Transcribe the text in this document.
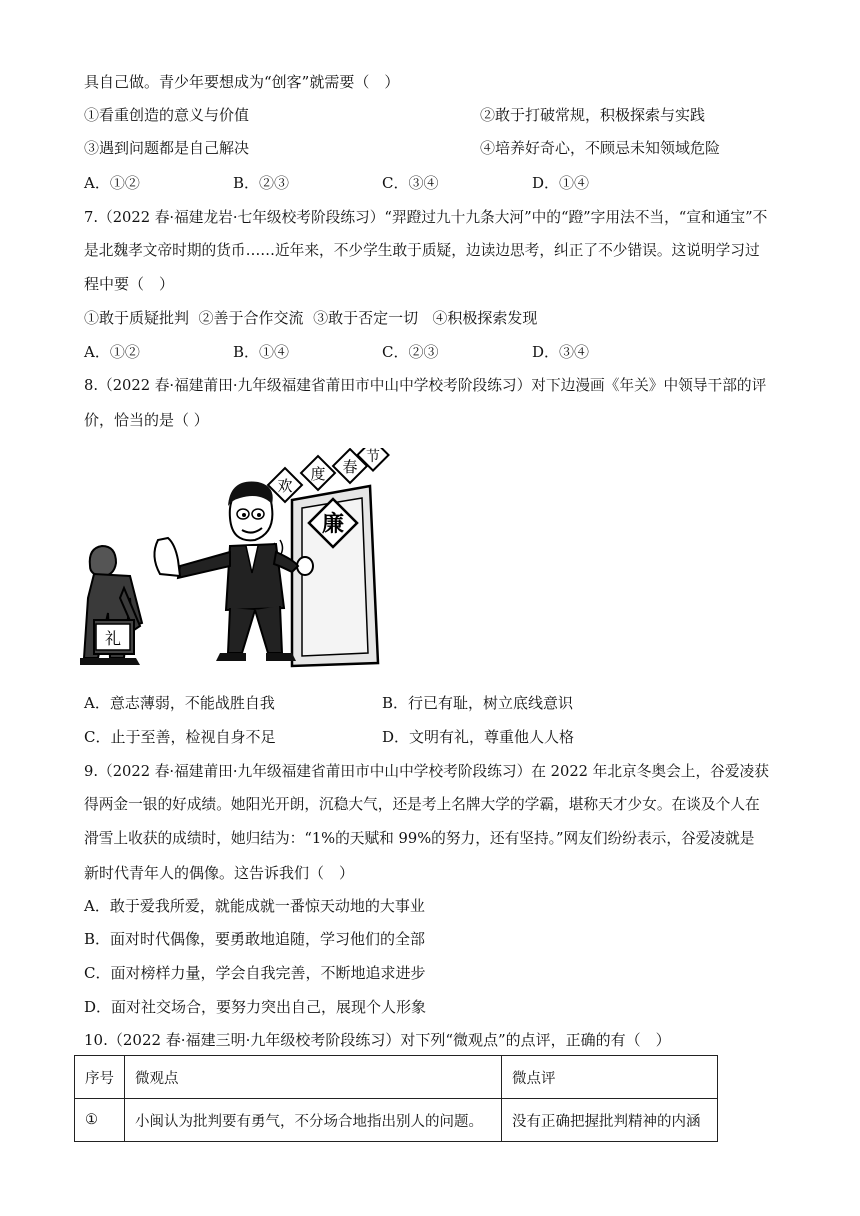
具自己做。青少年要想成为“创客”就需要（　）
①看重创造的意义与价值	②敢于打破常规，积极探索与实践
③遇到问题都是自己解决	④培养好奇心，不顾忌未知领域危险
A．①②	B．②③	C．③④	D．①④
7.（2022 春·福建龙岩·七年级校考阶段练习）“羿蹬过九十九条大河”中的“蹬”字用法不当，“宣和通宝”不
是北魏孝文帝时期的货币……近年来，不少学生敢于质疑，边读边思考，纠正了不少错误。这说明学习过
程中要（　）
①敢于质疑批判  ②善于合作交流  ③敢于否定一切   ④积极探索发现
A．①②	B．①④	C．②③	D．③④
8.（2022 春·福建莆田·九年级福建省莆田市中山中学校考阶段练习）对下边漫画《年关》中领导干部的评
价，恰当的是（ ）
欢
度 春
节
廉
礼
A．意志薄弱，不能战胜自我	B．行已有耻，树立底线意识
C．止于至善，检视自身不足	D．文明有礼，尊重他人人格
9.（2022 春·福建莆田·九年级福建省莆田市中山中学校考阶段练习）在 2022 年北京冬奥会上，谷爱凌获
得两金一银的好成绩。她阳光开朗，沉稳大气，还是考上名牌大学的学霸，堪称天才少女。在谈及个人在
滑雪上收获的成绩时，她归结为：“1%的天赋和 99%的努力，还有坚持。”网友们纷纷表示，谷爱凌就是
新时代青年人的偶像。这告诉我们（　）
A．敢于爱我所爱，就能成就一番惊天动地的大事业
B．面对时代偶像，要勇敢地追随，学习他们的全部
C．面对榜样力量，学会自我完善，不断地追求进步
D．面对社交场合，要努力突出自己，展现个人形象
10.（2022 春·福建三明·九年级校考阶段练习）对下列“微观点”的点评，正确的有（　）
序号	微观点	微点评
①	小闽认为批判要有勇气，不分场合地指出别人的问题。	没有正确把握批判精神的内涵
